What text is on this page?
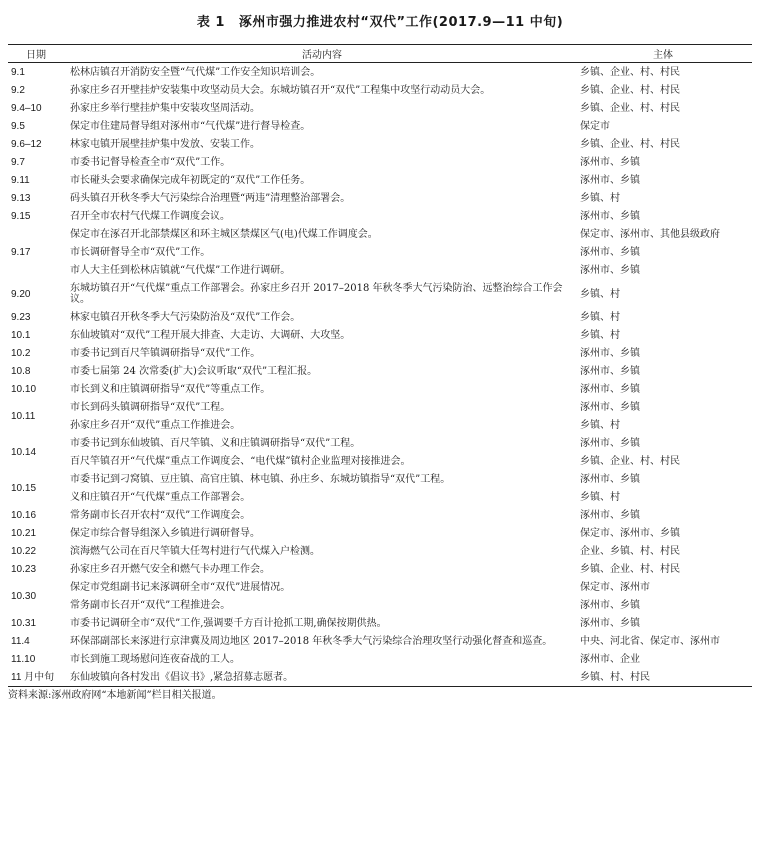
表 1 涿州市强力推进农村“双代”工作(2017.9—11 中旬)
日期	活动内容	主体
9.1	松林店镇召开消防安全暨“气代煤”工作安全知识培训会。	乡镇、企业、村、村民
9.2	孙家庄乡召开壁挂炉安装集中攻坚动员大会。东城坊镇召开“双代”工程集中攻坚行动动员大会。	乡镇、企业、村、村民
9.4–10	孙家庄乡举行壁挂炉集中安装攻坚周活动。	乡镇、企业、村、村民
9.5	保定市住建局督导组对涿州市“气代煤”进行督导检查。	保定市
9.6–12	林家屯镇开展壁挂炉集中发放、安装工作。	乡镇、企业、村、村民
9.7	市委书记督导检查全市“双代”工作。	涿州市、乡镇
9.11	市长碰头会要求确保完成年初既定的“双代”工作任务。	涿州市、乡镇
9.13	码头镇召开秋冬季大气污染综合治理暨“两违”清理整治部署会。	乡镇、村
9.15	召开全市农村气代煤工作调度会议。	涿州市、乡镇
9.17	保定市在涿召开北部禁煤区和环主城区禁煤区气(电)代煤工作调度会。	保定市、涿州市、其他县级政府
	市长调研督导全市“双代”工作。	涿州市、乡镇
	市人大主任到松林店镇就“气代煤”工作进行调研。	涿州市、乡镇
9.20	东城坊镇召开“气代煤”重点工作部署会。孙家庄乡召开 2017–2018 年秋冬季大气污染防治、远整治综合工作会议。	乡镇、村
9.23	林家屯镇召开秋冬季大气污染防治及“双代”工作会。	乡镇、村
10.1	东仙坡镇对“双代”工程开展大排查、大走访、大调研、大攻坚。	乡镇、村
10.2	市委书记到百尺竿镇调研指导“双代”工作。	涿州市、乡镇
10.8	市委七届第 24 次常委(扩大)会议听取“双代”工程汇报。	涿州市、乡镇
10.10	市长到义和庄镇调研指导“双代”等重点工作。	涿州市、乡镇
10.11	市长到码头镇调研指导“双代”工程。	涿州市、乡镇
	孙家庄乡召开“双代”重点工作推进会。	乡镇、村
10.14	市委书记到东仙坡镇、百尺竿镇、义和庄镇调研指导“双代”工程。	涿州市、乡镇
	百尺竿镇召开“气代煤”重点工作调度会、“电代煤”镇村企业监理对接推进会。	乡镇、企业、村、村民
10.15	市委书记到刁窝镇、豆庄镇、高官庄镇、林屯镇、孙庄乡、东城坊镇指导“双代”工程。	涿州市、乡镇
	义和庄镇召开“气代煤”重点工作部署会。	乡镇、村
10.16	常务副市长召开农村“双代”工作调度会。	涿州市、乡镇
10.21	保定市综合督导组深入乡镇进行调研督导。	保定市、涿州市、乡镇
10.22	滨海燃气公司在百尺竿镇大任驾村进行气代煤入户检测。	企业、乡镇、村、村民
10.23	孙家庄乡召开燃气安全和燃气卡办理工作会。	乡镇、企业、村、村民
10.30	保定市党组副书记来涿调研全市“双代”进展情况。	保定市、涿州市
	常务副市长召开“双代”工程推进会。	涿州市、乡镇
10.31	市委书记调研全市“双代”工作,强调要千方百计抢抓工期,确保按期供热。	涿州市、乡镇
11.4	环保部副部长来涿进行京津冀及周边地区 2017–2018 年秋冬季大气污染综合治理攻坚行动强化督查和巡查。	中央、河北省、保定市、涿州市
11.10	市长到施工现场慰问连夜奋战的工人。	涿州市、企业
11 月中旬	东仙坡镇向各村发出《倡议书》,紧急招募志愿者。	乡镇、村、村民
资料来源:涿州政府网“本地新闻”栏目相关报道。
